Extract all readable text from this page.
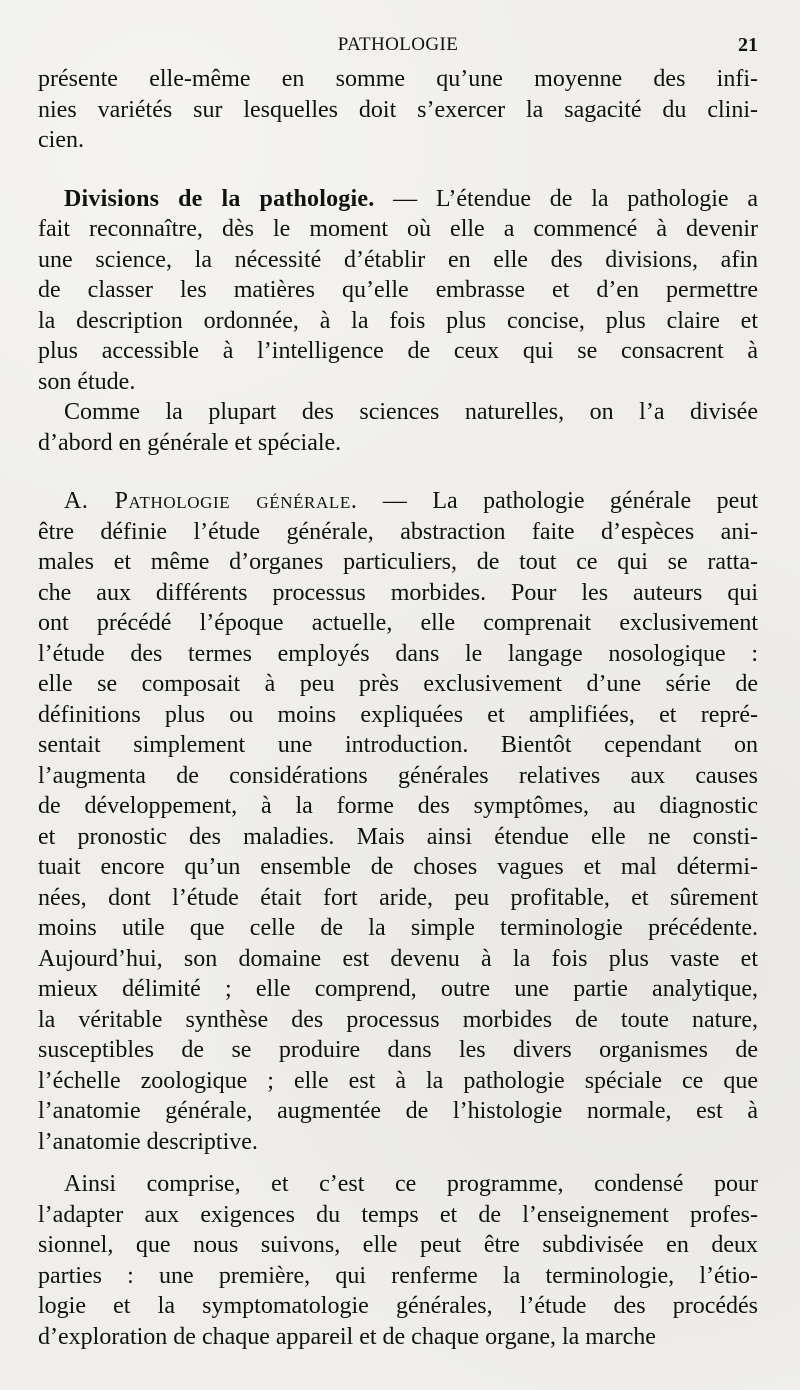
PATHOLOGIE	21
présente elle-même en somme qu’une moyenne des infi-
nies variétés sur lesquelles doit s’exercer la sagacité du clini-
cien.
Divisions de la pathologie. — L’étendue de la pathologie a
fait reconnaître, dès le moment où elle a commencé à devenir
une science, la nécessité d’établir en elle des divisions, afin
de classer les matières qu’elle embrasse et d’en permettre
la description ordonnée, à la fois plus concise, plus claire et
plus accessible à l’intelligence de ceux qui se consacrent à
son étude.
Comme la plupart des sciences naturelles, on l’a divisée
d’abord en générale et spéciale.
A. Pathologie générale. — La pathologie générale peut
être définie l’étude générale, abstraction faite d’espèces ani-
males et même d’organes particuliers, de tout ce qui se ratta-
che aux différents processus morbides. Pour les auteurs qui
ont précédé l’époque actuelle, elle comprenait exclusivement
l’étude des termes employés dans le langage nosologique :
elle se composait à peu près exclusivement d’une série de
définitions plus ou moins expliquées et amplifiées, et repré-
sentait simplement une introduction. Bientôt cependant on
l’augmenta de considérations générales relatives aux causes
de développement, à la forme des symptômes, au diagnostic
et pronostic des maladies. Mais ainsi étendue elle ne consti-
tuait encore qu’un ensemble de choses vagues et mal détermi-
nées, dont l’étude était fort aride, peu profitable, et sûrement
moins utile que celle de la simple terminologie précédente.
Aujourd’hui, son domaine est devenu à la fois plus vaste et
mieux délimité ; elle comprend, outre une partie analytique,
la véritable synthèse des processus morbides de toute nature,
susceptibles de se produire dans les divers organismes de
l’échelle zoologique ; elle est à la pathologie spéciale ce que
l’anatomie générale, augmentée de l’histologie normale, est à
l’anatomie descriptive.
Ainsi comprise, et c’est ce programme, condensé pour
l’adapter aux exigences du temps et de l’enseignement profes-
sionnel, que nous suivons, elle peut être subdivisée en deux
parties : une première, qui renferme la terminologie, l’étio-
logie et la symptomatologie générales, l’étude des procédés
d’exploration de chaque appareil et de chaque organe, la marche
